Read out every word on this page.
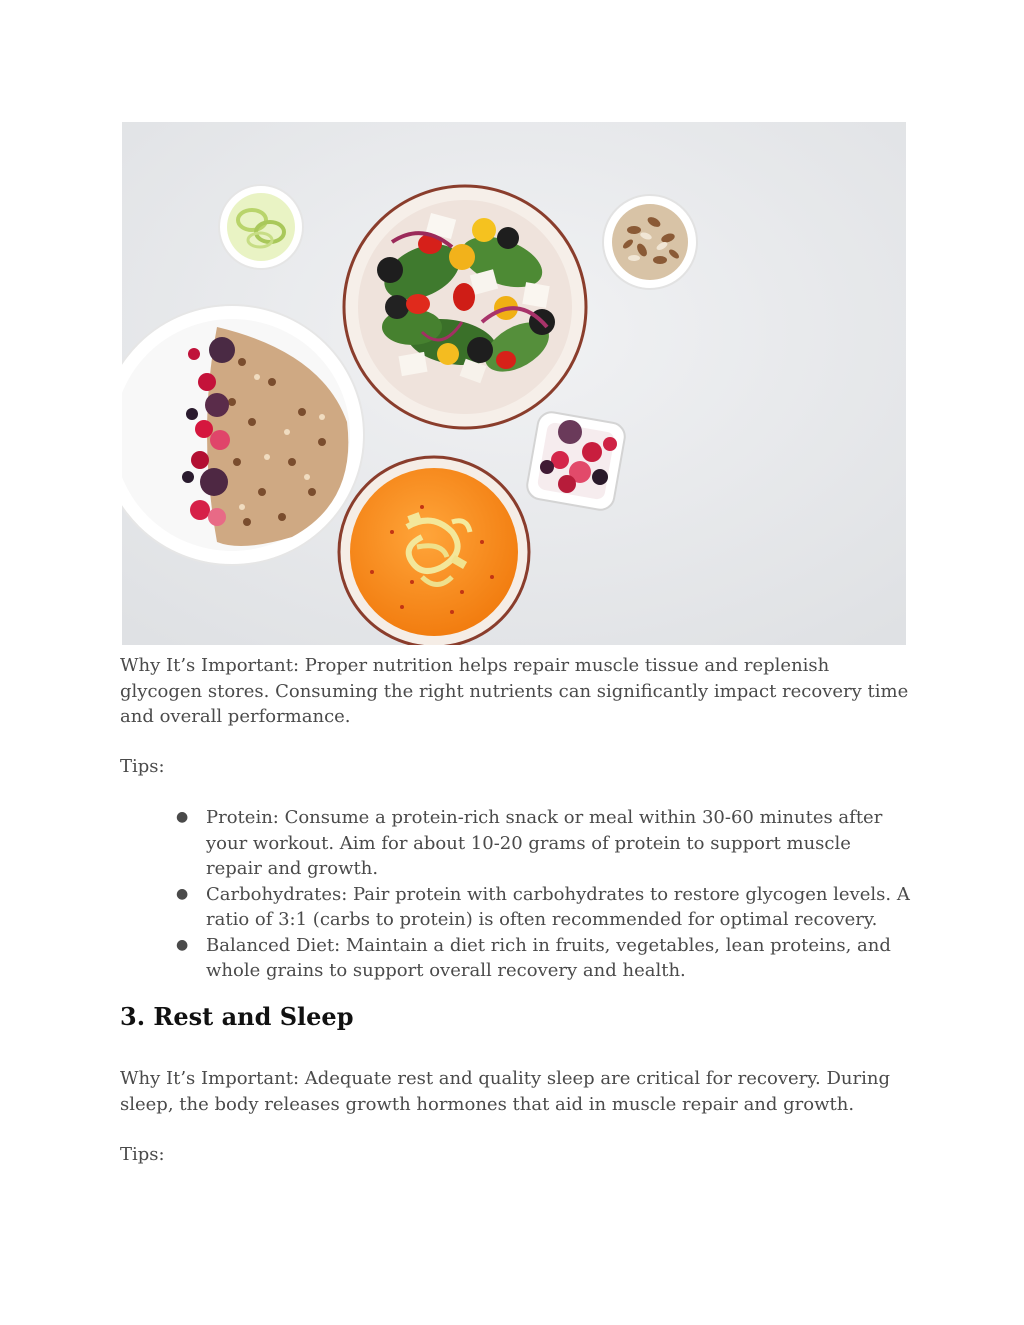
Why It’s Important: Proper nutrition helps repair muscle tissue and replenish glycogen stores. Consuming the right nutrients can significantly impact recovery time and overall performance.

Tips:

● Protein: Consume a protein-rich snack or meal within 30-60 minutes after your workout. Aim for about 10-20 grams of protein to support muscle repair and growth.
● Carbohydrates: Pair protein with carbohydrates to restore glycogen levels. A ratio of 3:1 (carbs to protein) is often recommended for optimal recovery.
● Balanced Diet: Maintain a diet rich in fruits, vegetables, lean proteins, and whole grains to support overall recovery and health.
3. Rest and Sleep

Why It’s Important: Adequate rest and quality sleep are critical for recovery. During sleep, the body releases growth hormones that aid in muscle repair and growth.

Tips:
